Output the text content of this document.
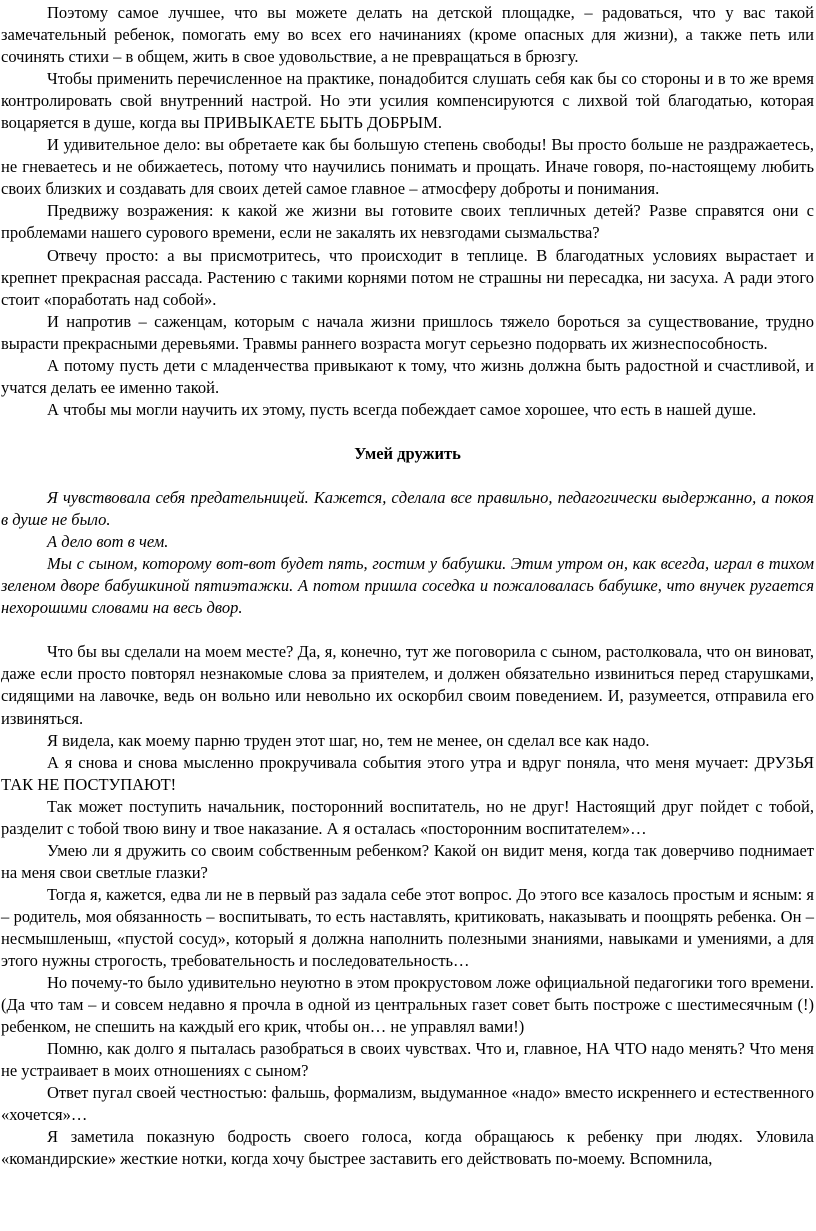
Поэтому самое лучшее, что вы можете делать на детской площадке, – радоваться, что у вас такой замечательный ребенок, помогать ему во всех его начинаниях (кроме опасных для жизни), а также петь или сочинять стихи – в общем, жить в свое удовольствие, а не превращаться в брюзгу.

Чтобы применить перечисленное на практике, понадобится слушать себя как бы со стороны и в то же время контролировать свой внутренний настрой. Но эти усилия компенсируются с лихвой той благодатью, которая воцаряется в душе, когда вы ПРИВЫКАЕТЕ БЫТЬ ДОБРЫМ.

И удивительное дело: вы обретаете как бы большую степень свободы! Вы просто больше не раздражаетесь, не гневаетесь и не обижаетесь, потому что научились понимать и прощать. Иначе говоря, по-настоящему любить своих близких и создавать для своих детей самое главное – атмосферу доброты и понимания.

Предвижу возражения: к какой же жизни вы готовите своих тепличных детей? Разве справятся они с проблемами нашего сурового времени, если не закалять их невзгодами сызмальства?

Отвечу просто: а вы присмотритесь, что происходит в теплице. В благодатных условиях вырастает и крепнет прекрасная рассада. Растению с такими корнями потом не страшны ни пересадка, ни засуха. А ради этого стоит «поработать над собой».

И напротив – саженцам, которым с начала жизни пришлось тяжело бороться за существование, трудно вырасти прекрасными деревьями. Травмы раннего возраста могут серьезно подорвать их жизнеспособность.

А потому пусть дети с младенчества привыкают к тому, что жизнь должна быть радостной и счастливой, и учатся делать ее именно такой.

А чтобы мы могли научить их этому, пусть всегда побеждает самое хорошее, что есть в нашей душе.

Умей дружить

Я чувствовала себя предательницей. Кажется, сделала все правильно, педагогически выдержанно, а покоя в душе не было.

А дело вот в чем.

Мы с сыном, которому вот-вот будет пять, гостим у бабушки. Этим утром он, как всегда, играл в тихом зеленом дворе бабушкиной пятиэтажки. А потом пришла соседка и пожаловалась бабушке, что внучек ругается нехорошими словами на весь двор.

Что бы вы сделали на моем месте? Да, я, конечно, тут же поговорила с сыном, растолковала, что он виноват, даже если просто повторял незнакомые слова за приятелем, и должен обязательно извиниться перед старушками, сидящими на лавочке, ведь он вольно или невольно их оскорбил своим поведением. И, разумеется, отправила его извиняться.

Я видела, как моему парню труден этот шаг, но, тем не менее, он сделал все как надо.

А я снова и снова мысленно прокручивала события этого утра и вдруг поняла, что меня мучает: ДРУЗЬЯ ТАК НЕ ПОСТУПАЮТ!

Так может поступить начальник, посторонний воспитатель, но не друг! Настоящий друг пойдет с тобой, разделит с тобой твою вину и твое наказание. А я осталась «посторонним воспитателем»…

Умею ли я дружить со своим собственным ребенком? Какой он видит меня, когда так доверчиво поднимает на меня свои светлые глазки?

Тогда я, кажется, едва ли не в первый раз задала себе этот вопрос. До этого все казалось простым и ясным: я – родитель, моя обязанность – воспитывать, то есть наставлять, критиковать, наказывать и поощрять ребенка. Он – несмышленыш, «пустой сосуд», который я должна наполнить полезными знаниями, навыками и умениями, а для этого нужны строгость, требовательность и последовательность…

Но почему-то было удивительно неуютно в этом прокрустовом ложе официальной педагогики того времени. (Да что там – и совсем недавно я прочла в одной из центральных газет совет быть построже с шестимесячным (!) ребенком, не спешить на каждый его крик, чтобы он… не управлял вами!)

Помню, как долго я пыталась разобраться в своих чувствах. Что и, главное, НА ЧТО надо менять? Что меня не устраивает в моих отношениях с сыном?

Ответ пугал своей честностью: фальшь, формализм, выдуманное «надо» вместо искреннего и естественного «хочется»…

Я заметила показную бодрость своего голоса, когда обращаюсь к ребенку при людях. Уловила «командирские» жесткие нотки, когда хочу быстрее заставить его действовать по-моему. Вспомнила,
